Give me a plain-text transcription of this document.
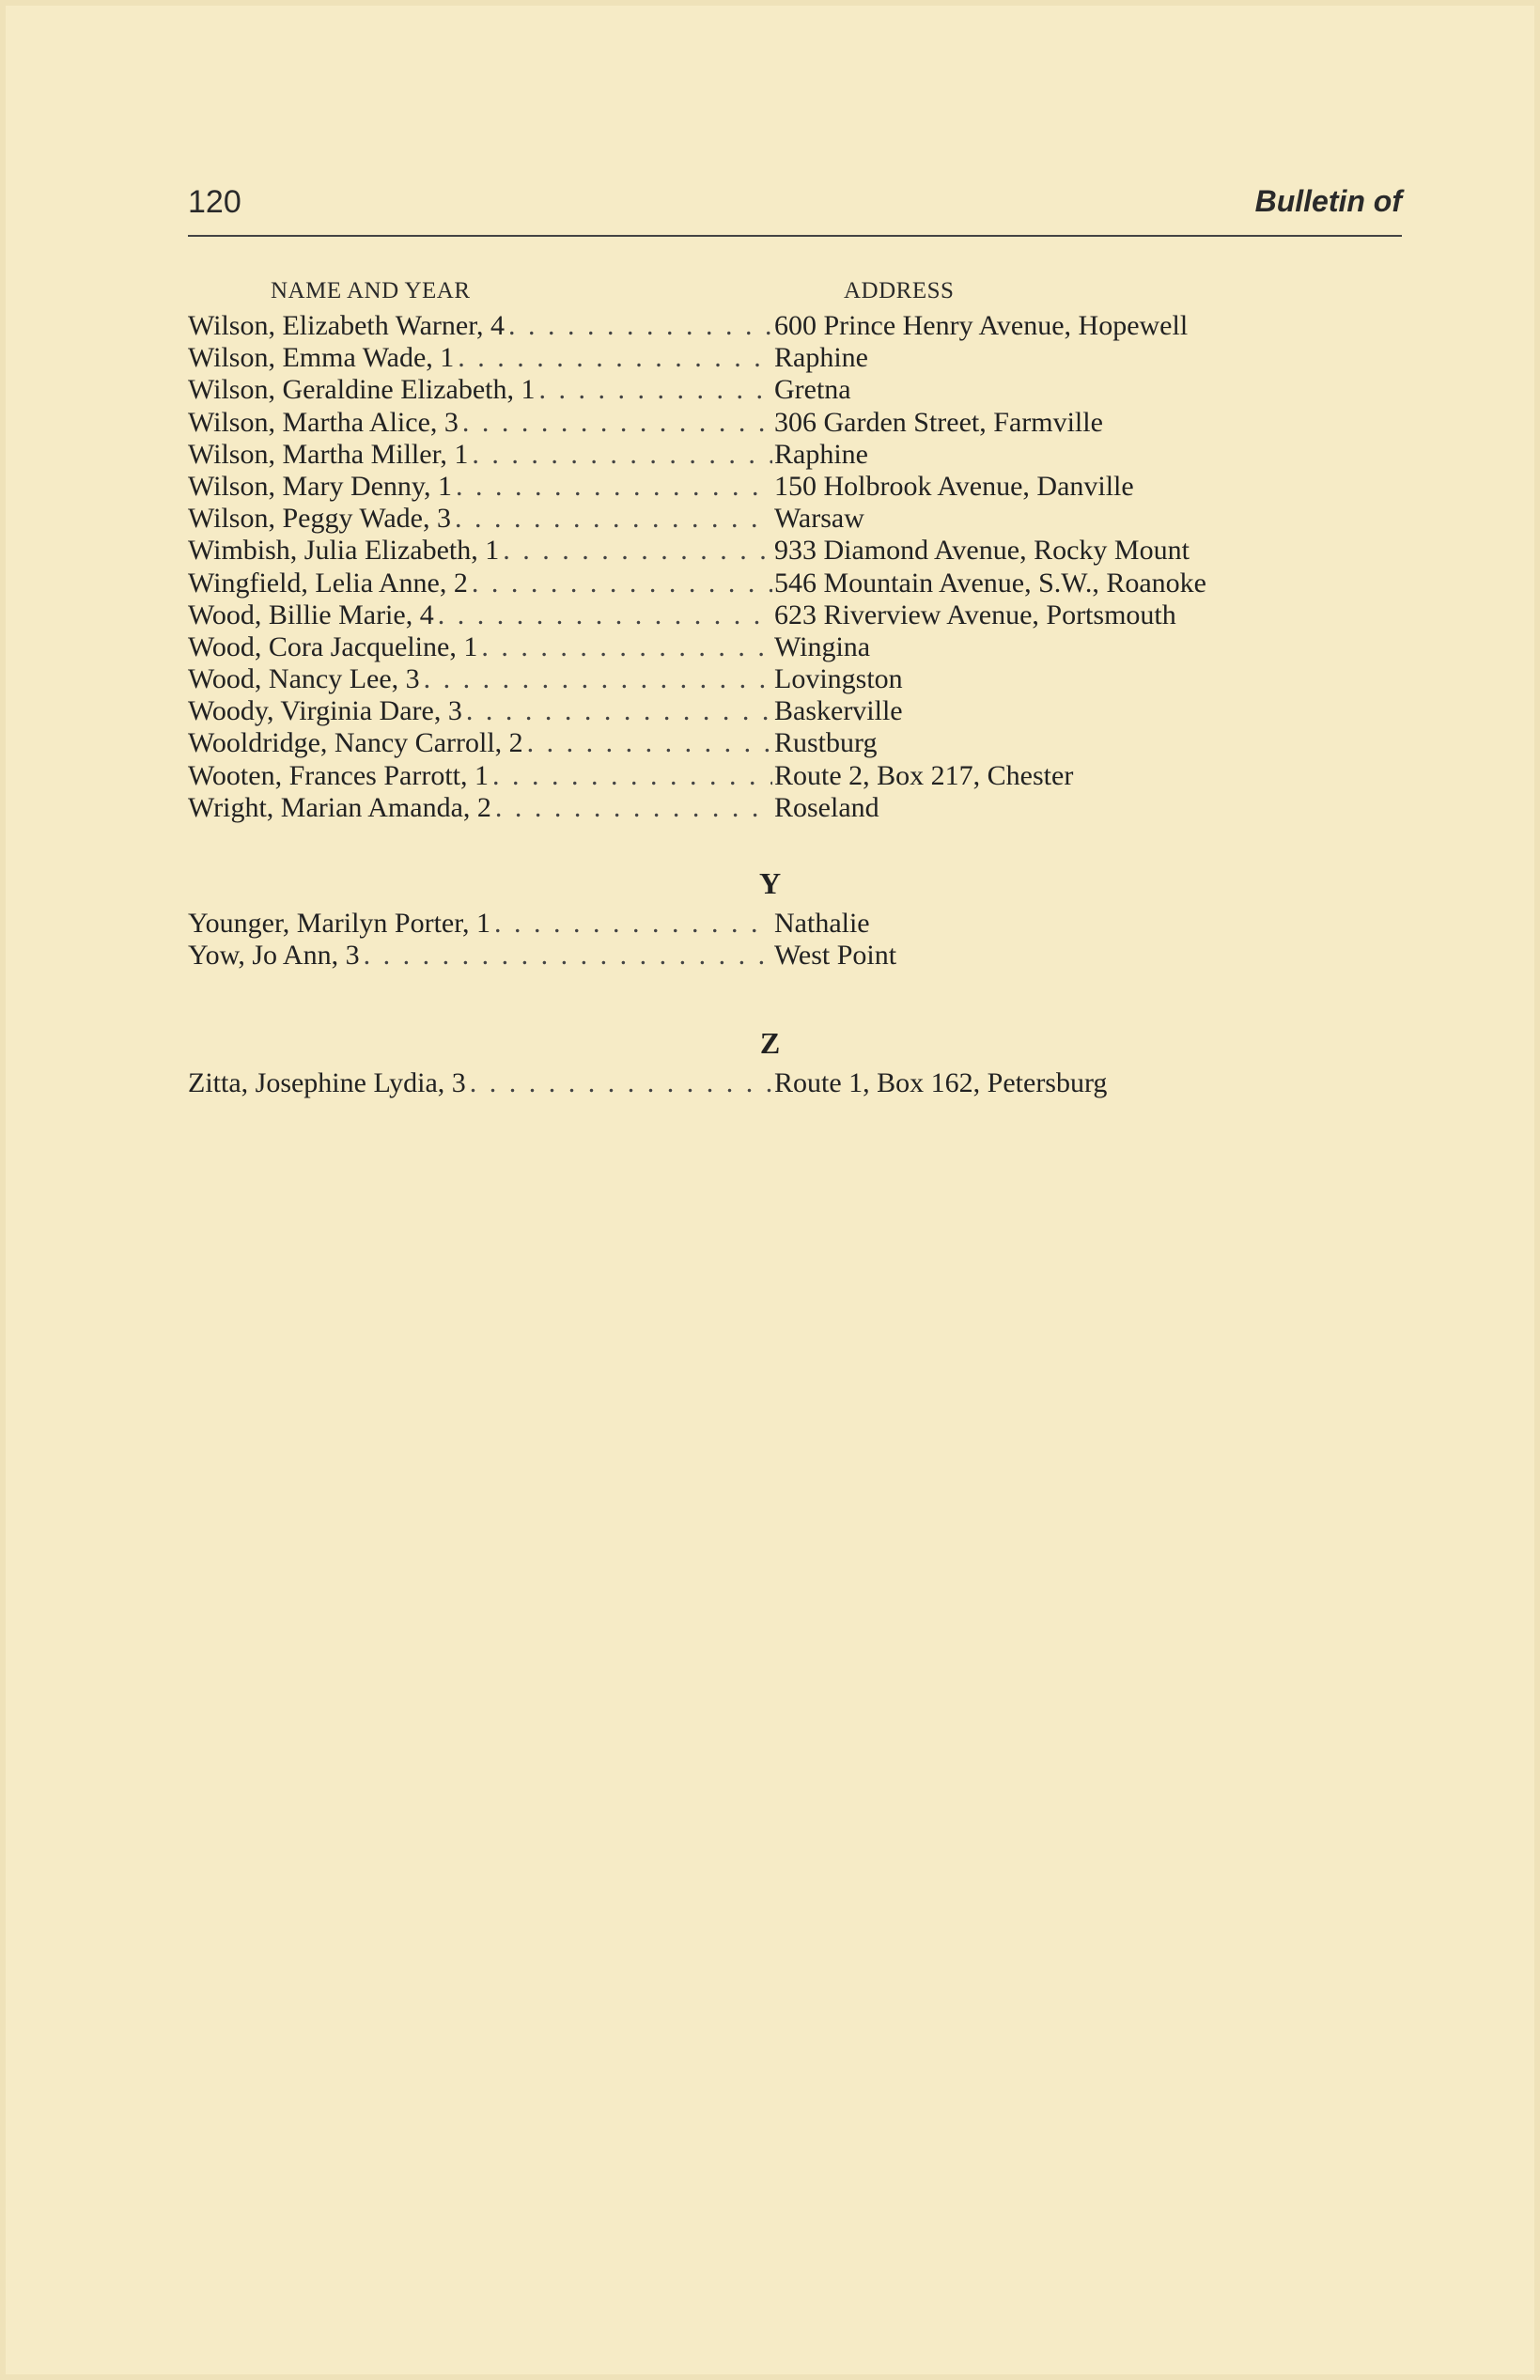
120	Bulletin of
NAME AND YEAR	ADDRESS
Wilson, Elizabeth Warner, 4 . . .	600 Prince Henry Avenue, Hopewell
Wilson, Emma Wade, 1 . . .	Raphine
Wilson, Geraldine Elizabeth, 1 . . .	Gretna
Wilson, Martha Alice, 3 . . .	306 Garden Street, Farmville
Wilson, Martha Miller, 1 . . .	Raphine
Wilson, Mary Denny, 1 . . .	150 Holbrook Avenue, Danville
Wilson, Peggy Wade, 3 . . .	Warsaw
Wimbish, Julia Elizabeth, 1 . . .	933 Diamond Avenue, Rocky Mount
Wingfield, Lelia Anne, 2 . . .	546 Mountain Avenue, S.W., Roanoke
Wood, Billie Marie, 4 . . .	623 Riverview Avenue, Portsmouth
Wood, Cora Jacqueline, 1 . . .	Wingina
Wood, Nancy Lee, 3 . . .	Lovingston
Woody, Virginia Dare, 3 . . .	Baskerville
Wooldridge, Nancy Carroll, 2 . . .	Rustburg
Wooten, Frances Parrott, 1 . . .	Route 2, Box 217, Chester
Wright, Marian Amanda, 2 . . .	Roseland
Y
Younger, Marilyn Porter, 1 . . .	Nathalie
Yow, Jo Ann, 3 . . .	West Point
Z
Zitta, Josephine Lydia, 3 . . .	Route 1, Box 162, Petersburg
